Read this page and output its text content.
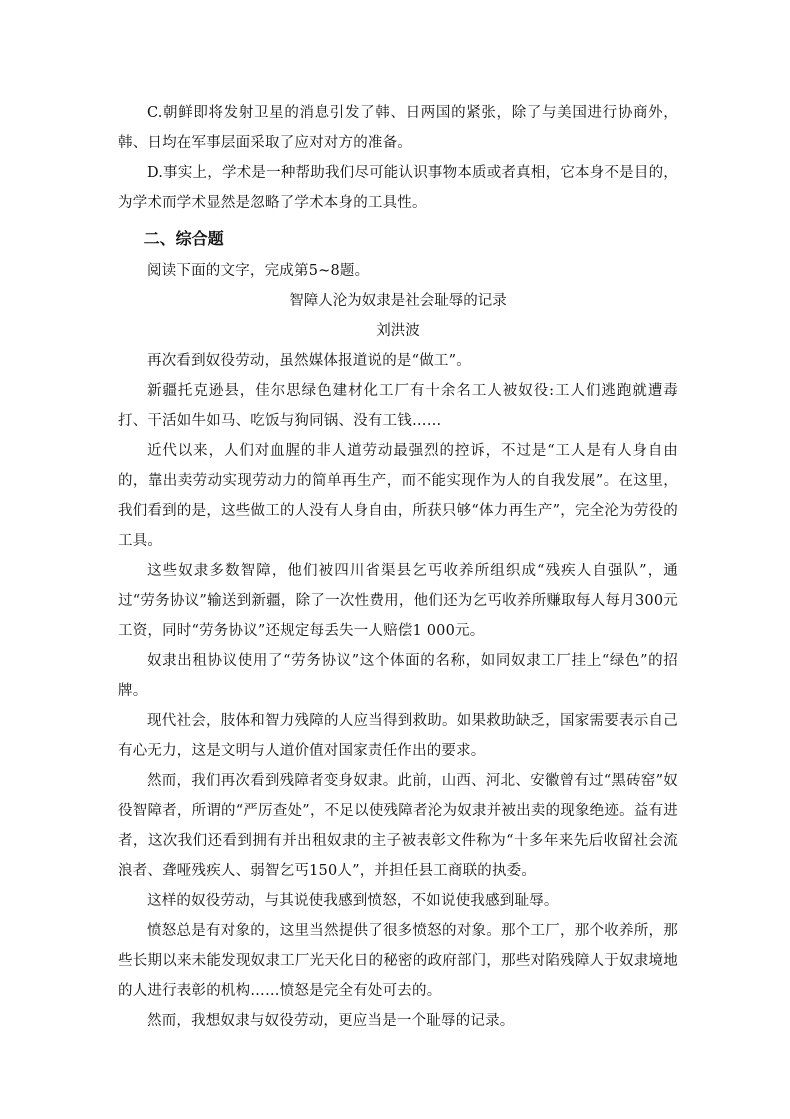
C.朝鲜即将发射卫星的消息引发了韩、日两国的紧张，除了与美国进行协商外，韩、日均在军事层面采取了应对对方的准备。

D.事实上，学术是一种帮助我们尽可能认识事物本质或者真相，它本身不是目的，为学术而学术显然是忽略了学术本身的工具性。

二、综合题

阅读下面的文字，完成第5~8题。

智障人沦为奴隶是社会耻辱的记录

刘洪波

再次看到奴役劳动，虽然媒体报道说的是“做工”。

新疆托克逊县，佳尔思绿色建材化工厂有十余名工人被奴役:工人们逃跑就遭毒打、干活如牛如马、吃饭与狗同锅、没有工钱……

近代以来，人们对血腥的非人道劳动最强烈的控诉，不过是“工人是有人身自由的，靠出卖劳动实现劳动力的简单再生产，而不能实现作为人的自我发展”。在这里，我们看到的是，这些做工的人没有人身自由，所获只够“体力再生产”，完全沦为劳役的工具。

这些奴隶多数智障，他们被四川省渠县乞丐收养所组织成“残疾人自强队”，通过“劳务协议”输送到新疆，除了一次性费用，他们还为乞丐收养所赚取每人每月300元工资，同时“劳务协议”还规定每丢失一人赔偿1 000元。

奴隶出租协议使用了“劳务协议”这个体面的名称，如同奴隶工厂挂上“绿色”的招牌。

现代社会，肢体和智力残障的人应当得到救助。如果救助缺乏，国家需要表示自己有心无力，这是文明与人道价值对国家责任作出的要求。

然而，我们再次看到残障者变身奴隶。此前，山西、河北、安徽曾有过“黑砖窑”奴役智障者，所谓的“严厉查处”，不足以使残障者沦为奴隶并被出卖的现象绝迹。益有进者，这次我们还看到拥有并出租奴隶的主子被表彰文件称为“十多年来先后收留社会流浪者、聋哑残疾人、弱智乞丐150人”，并担任县工商联的执委。

这样的奴役劳动，与其说使我感到愤怒，不如说使我感到耻辱。

愤怒总是有对象的，这里当然提供了很多愤怒的对象。那个工厂，那个收养所，那些长期以来未能发现奴隶工厂光天化日的秘密的政府部门，那些对陷残障人于奴隶境地的人进行表彰的机构……愤怒是完全有处可去的。

然而，我想奴隶与奴役劳动，更应当是一个耻辱的记录。
